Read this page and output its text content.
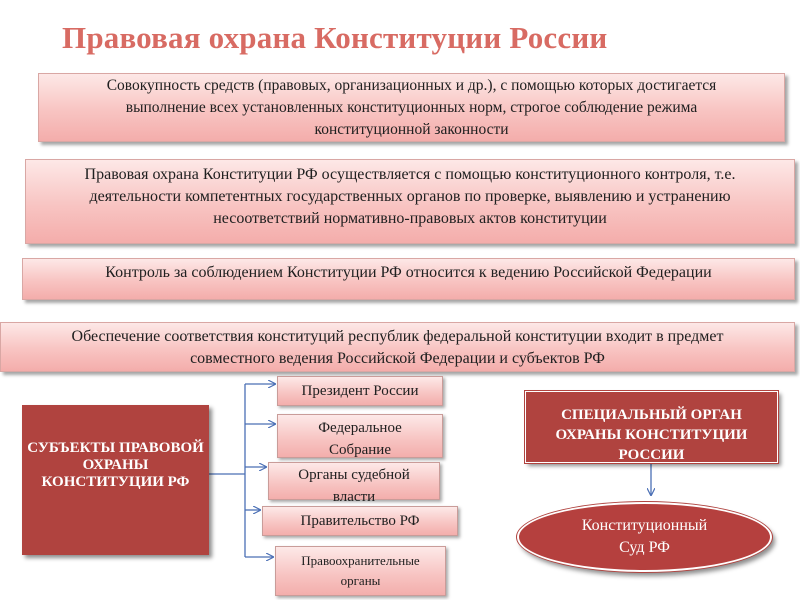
Правовая охрана Конституции России
Совокупность средств (правовых, организационных и др.), с помощью которых достигается
выполнение всех установленных конституционных норм, строгое соблюдение режима
конституционной законности
Правовая охрана Конституции РФ осуществляется с помощью конституционного контроля, т.е.
деятельности компетентных государственных органов по проверке, выявлению и устранению
несоответствий нормативно-правовых актов конституции
Контроль за соблюдением Конституции РФ относится к ведению Российской Федерации
Обеспечение соответствия конституций республик федеральной конституции входит в предмет
совместного ведения Российской Федерации и субъектов РФ
СУБЪЕКТЫ ПРАВОВОЙ
ОХРАНЫ
КОНСТИТУЦИИ РФ
Президент России
Федеральное
Собрание
Органы судебной
власти
Правительство РФ
Правоохранительные
органы
СПЕЦИАЛЬНЫЙ ОРГАН
ОХРАНЫ КОНСТИТУЦИИ
РОССИИ
Конституционный
Суд РФ
